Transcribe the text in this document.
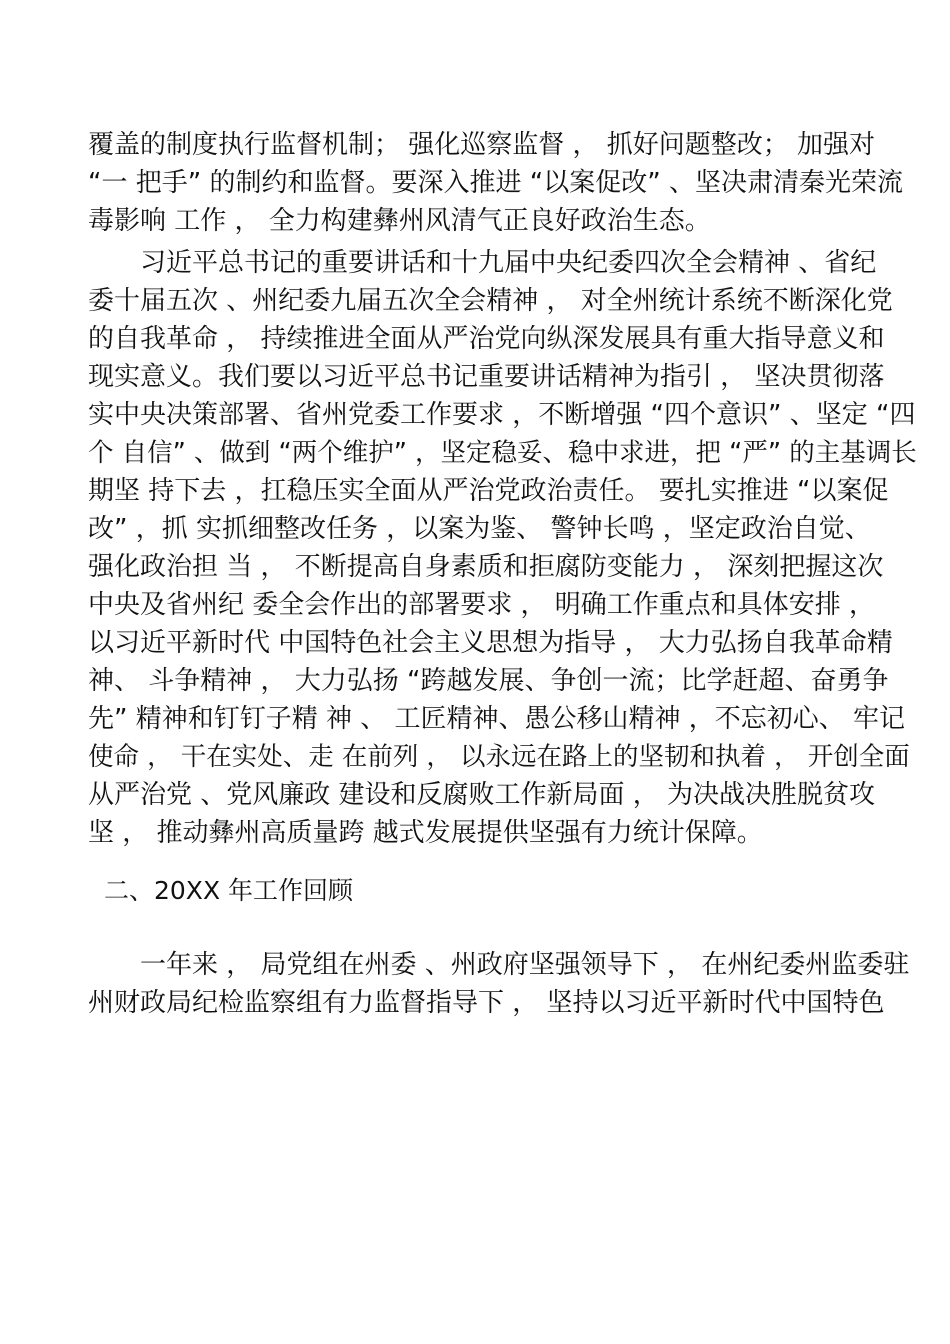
覆盖的制度执行监督机制； 强化巡察监督 ， 抓好问题整改； 加强对
“一 把手” 的制约和监督。要深入推进 “以案促改” 、坚决肃清秦光荣流
毒影响 工作 ， 全力构建彝州风清气正良好政治生态。
习近平总书记的重要讲话和十九届中央纪委四次全会精神 、省纪
委十届五次 、州纪委九届五次全会精神 ， 对全州统计系统不断深化党
的自我革命 ， 持续推进全面从严治党向纵深发展具有重大指导意义和
现实意义。我们要以习近平总书记重要讲话精神为指引 ， 坚决贯彻落
实中央决策部署、省州党委工作要求 ，不断增强 “四个意识” 、坚定 “四
个 自信” 、做到 “两个维护” ，坚定稳妥、稳中求进，把 “严” 的主基调长
期坚 持下去 ，扛稳压实全面从严治党政治责任。 要扎实推进 “以案促
改” ，抓 实抓细整改任务 ，以案为鉴、 警钟长鸣 ，坚定政治自觉、
强化政治担 当 ， 不断提高自身素质和拒腐防变能力 ， 深刻把握这次
中央及省州纪 委全会作出的部署要求 ， 明确工作重点和具体安排 ，
以习近平新时代 中国特色社会主义思想为指导 ， 大力弘扬自我革命精
神、 斗争精神 ， 大力弘扬 “跨越发展、争创一流；比学赶超、奋勇争
先” 精神和钉钉子精 神 、 工匠精神、愚公移山精神 ，不忘初心、 牢记
使命 ， 干在实处、走 在前列 ， 以永远在路上的坚韧和执着 ， 开创全面
从严治党 、党风廉政 建设和反腐败工作新局面 ， 为决战决胜脱贫攻
坚 ， 推动彝州高质量跨 越式发展提供坚强有力统计保障。
二、20XX 年工作回顾
一年来 ， 局党组在州委 、州政府坚强领导下 ， 在州纪委州监委驻
州财政局纪检监察组有力监督指导下 ， 坚持以习近平新时代中国特色
